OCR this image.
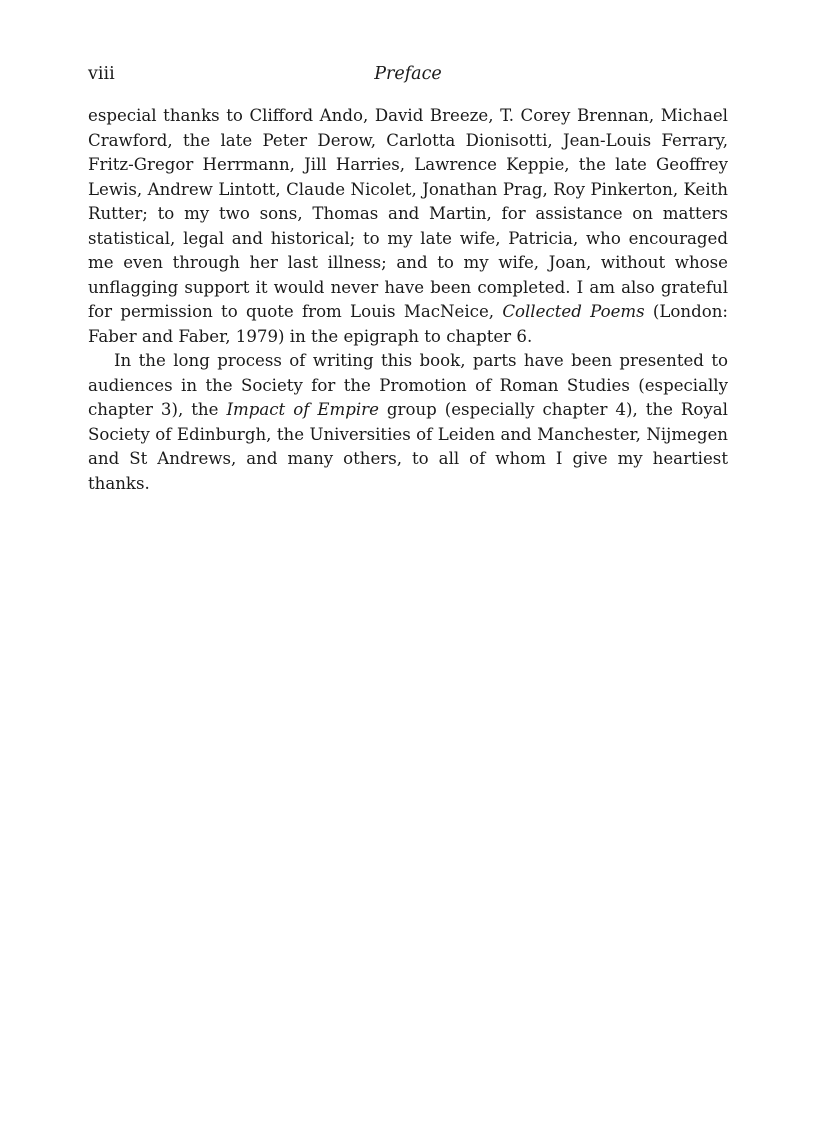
viii	Preface

especial thanks to Clifford Ando, David Breeze, T. Corey Brennan, Michael Crawford, the late Peter Derow, Carlotta Dionisotti, Jean-Louis Ferrary, Fritz-Gregor Herrmann, Jill Harries, Lawrence Keppie, the late Geoffrey Lewis, Andrew Lintott, Claude Nicolet, Jonathan Prag, Roy Pinkerton, Keith Rutter; to my two sons, Thomas and Martin, for assistance on matters statistical, legal and historical; to my late wife, Patricia, who encouraged me even through her last illness; and to my wife, Joan, without whose unflagging support it would never have been completed. I am also grateful for permission to quote from Louis MacNeice, Collected Poems (London: Faber and Faber, 1979) in the epigraph to chapter 6.

In the long process of writing this book, parts have been presented to audiences in the Society for the Promotion of Roman Studies (especially chapter 3), the Impact of Empire group (especially chapter 4), the Royal Society of Edinburgh, the Universities of Leiden and Manchester, Nijmegen and St Andrews, and many others, to all of whom I give my heartiest thanks.
